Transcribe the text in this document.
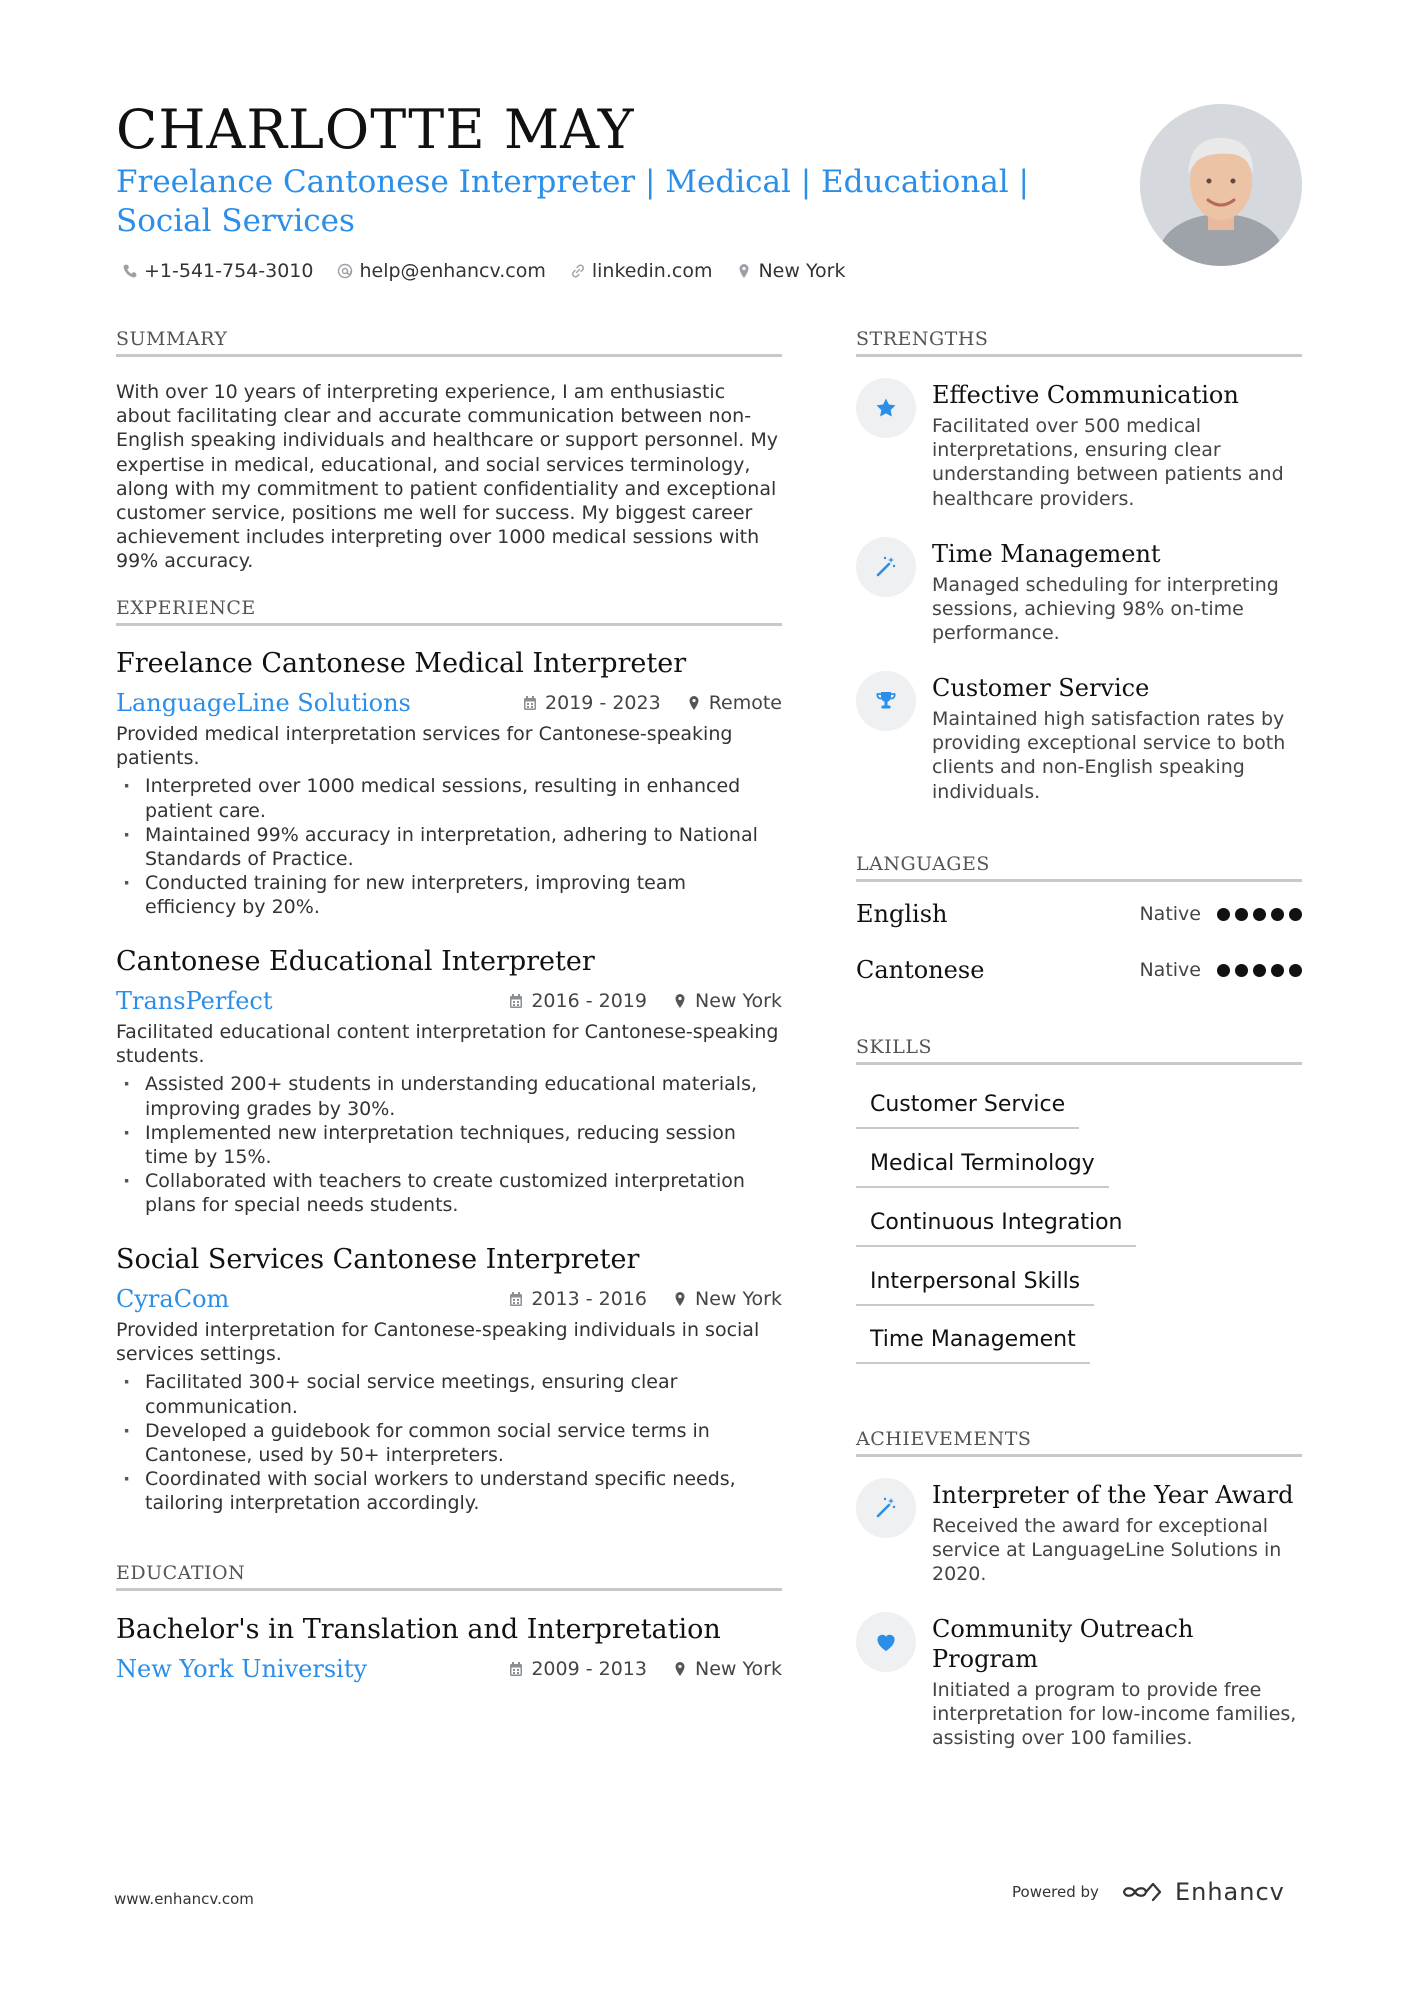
CHARLOTTE MAY
Freelance Cantonese Interpreter | Medical | Educational | Social Services
+1-541-754-3010 help@enhancv.com linkedin.com New York
SUMMARY
With over 10 years of interpreting experience, I am enthusiastic about facilitating clear and accurate communication between non-English speaking individuals and healthcare or support personnel. My expertise in medical, educational, and social services terminology, along with my commitment to patient confidentiality and exceptional customer service, positions me well for success. My biggest career achievement includes interpreting over 1000 medical sessions with 99% accuracy.
EXPERIENCE
Freelance Cantonese Medical Interpreter
LanguageLine Solutions	2019 - 2023	Remote
Provided medical interpretation services for Cantonese-speaking patients.
· Interpreted over 1000 medical sessions, resulting in enhanced patient care.
· Maintained 99% accuracy in interpretation, adhering to National Standards of Practice.
· Conducted training for new interpreters, improving team efficiency by 20%.
Cantonese Educational Interpreter
TransPerfect	2016 - 2019	New York
Facilitated educational content interpretation for Cantonese-speaking students.
· Assisted 200+ students in understanding educational materials, improving grades by 30%.
· Implemented new interpretation techniques, reducing session time by 15%.
· Collaborated with teachers to create customized interpretation plans for special needs students.
Social Services Cantonese Interpreter
CyraCom	2013 - 2016	New York
Provided interpretation for Cantonese-speaking individuals in social services settings.
· Facilitated 300+ social service meetings, ensuring clear communication.
· Developed a guidebook for common social service terms in Cantonese, used by 50+ interpreters.
· Coordinated with social workers to understand specific needs, tailoring interpretation accordingly.
EDUCATION
Bachelor's in Translation and Interpretation
New York University	2009 - 2013	New York
STRENGTHS
Effective Communication
Facilitated over 500 medical interpretations, ensuring clear understanding between patients and healthcare providers.
Time Management
Managed scheduling for interpreting sessions, achieving 98% on-time performance.
Customer Service
Maintained high satisfaction rates by providing exceptional service to both clients and non-English speaking individuals.
LANGUAGES
English	Native
Cantonese	Native
SKILLS
Customer Service
Medical Terminology
Continuous Integration
Interpersonal Skills
Time Management
ACHIEVEMENTS
Interpreter of the Year Award
Received the award for exceptional service at LanguageLine Solutions in 2020.
Community Outreach Program
Initiated a program to provide free interpretation for low-income families, assisting over 100 families.
www.enhancv.com	Powered by	Enhancv
